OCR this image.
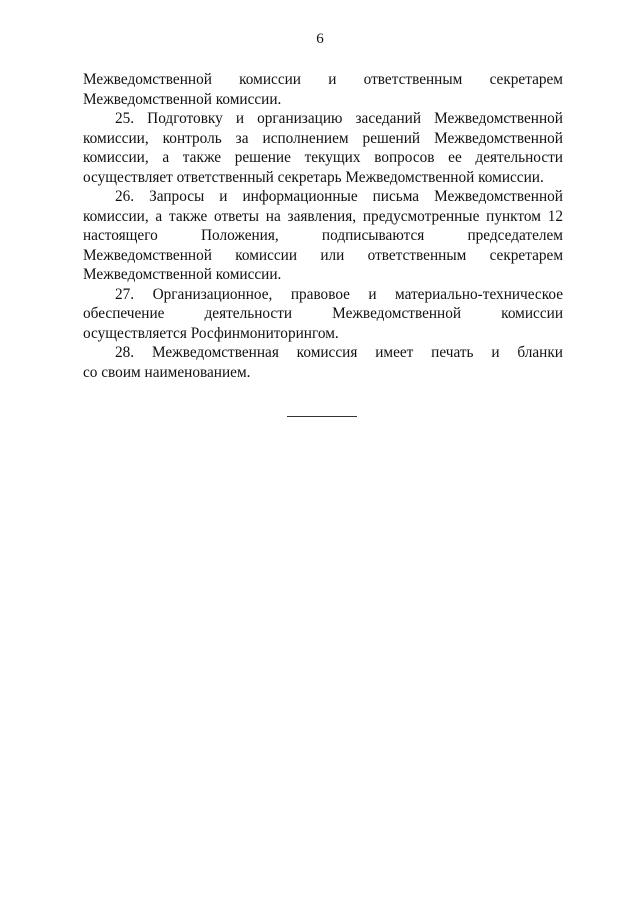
6
Межведомственной комиссии и ответственным секретарем
Межведомственной комиссии.
25. Подготовку и организацию заседаний Межведомственной
комиссии, контроль за исполнением решений Межведомственной
комиссии, а также решение текущих вопросов ее деятельности
осуществляет ответственный секретарь Межведомственной комиссии.
26. Запросы и информационные письма Межведомственной
комиссии, а также ответы на заявления, предусмотренные пунктом 12
настоящего Положения, подписываются председателем
Межведомственной комиссии или ответственным секретарем
Межведомственной комиссии.
27. Организационное, правовое и материально-техническое
обеспечение деятельности Межведомственной комиссии
осуществляется Росфинмониторингом.
28. Межведомственная комиссия имеет печать и бланки
со своим наименованием.
